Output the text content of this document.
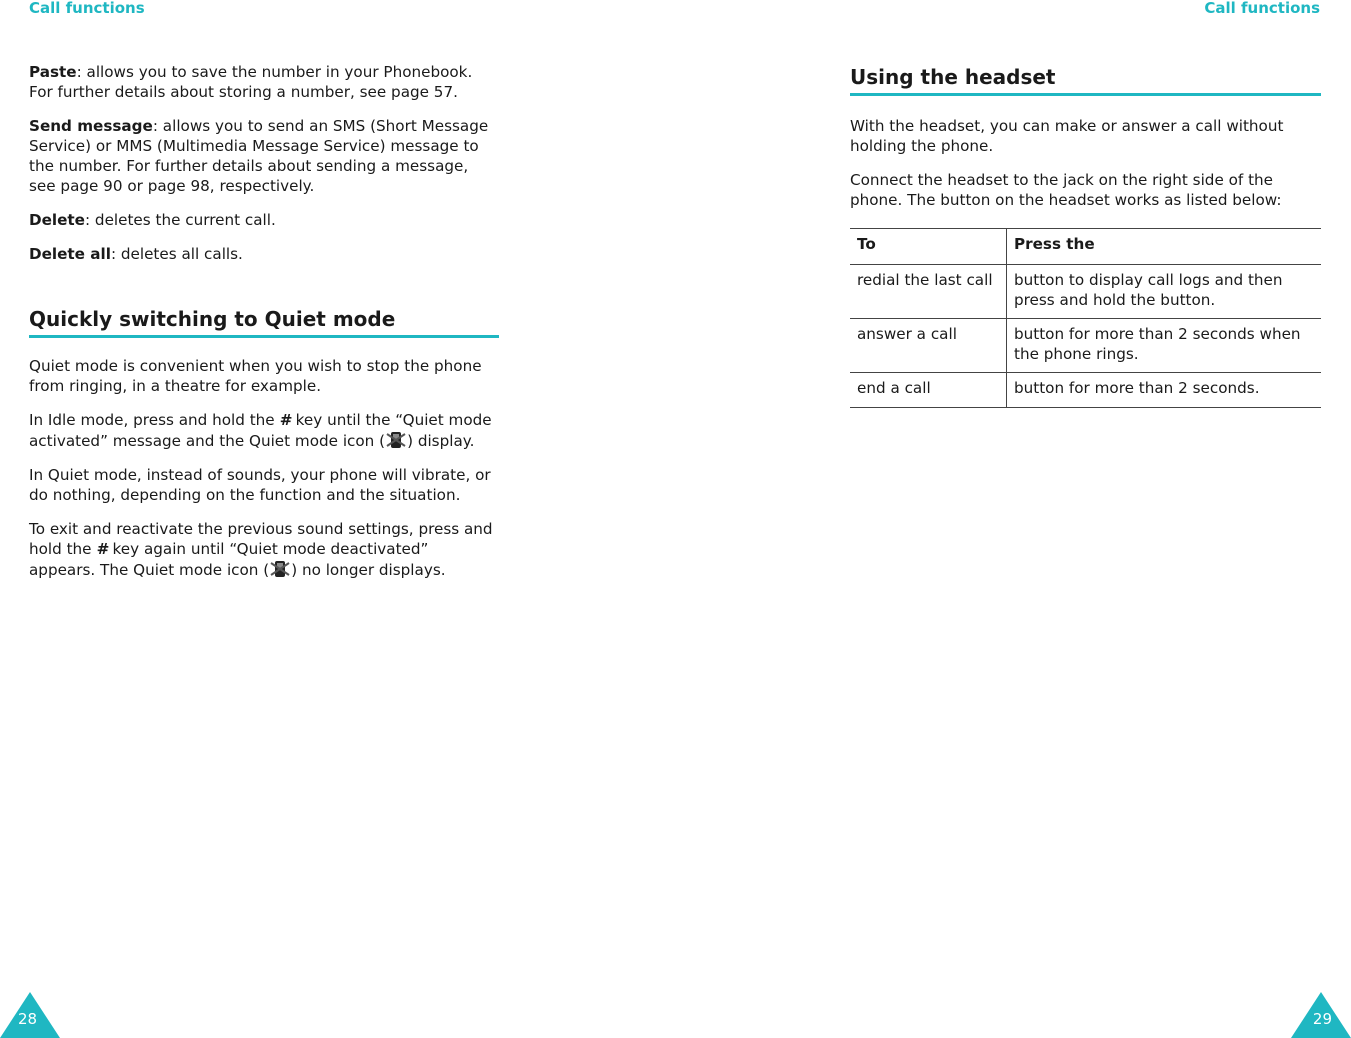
Call functions	Call functions

Paste: allows you to save the number in your Phonebook. For further details about storing a number, see page 57.

Send message: allows you to send an SMS (Short Message Service) or MMS (Multimedia Message Service) message to the number. For further details about sending a message, see page 90 or page 98, respectively.

Delete: deletes the current call.

Delete all: deletes all calls.

Quickly switching to Quiet mode

Quiet mode is convenient when you wish to stop the phone from ringing, in a theatre for example.

In Idle mode, press and hold the # key until the “Quiet mode activated” message and the Quiet mode icon ( ) display.

In Quiet mode, instead of sounds, your phone will vibrate, or do nothing, depending on the function and the situation.

To exit and reactivate the previous sound settings, press and hold the # key again until “Quiet mode deactivated” appears. The Quiet mode icon ( ) no longer displays.

Using the headset

With the headset, you can make or answer a call without holding the phone.

Connect the headset to the jack on the right side of the phone. The button on the headset works as listed below:

To	Press the
redial the last call	button to display call logs and then press and hold the button.
answer a call	button for more than 2 seconds when the phone rings.
end a call	button for more than 2 seconds.
28	29
